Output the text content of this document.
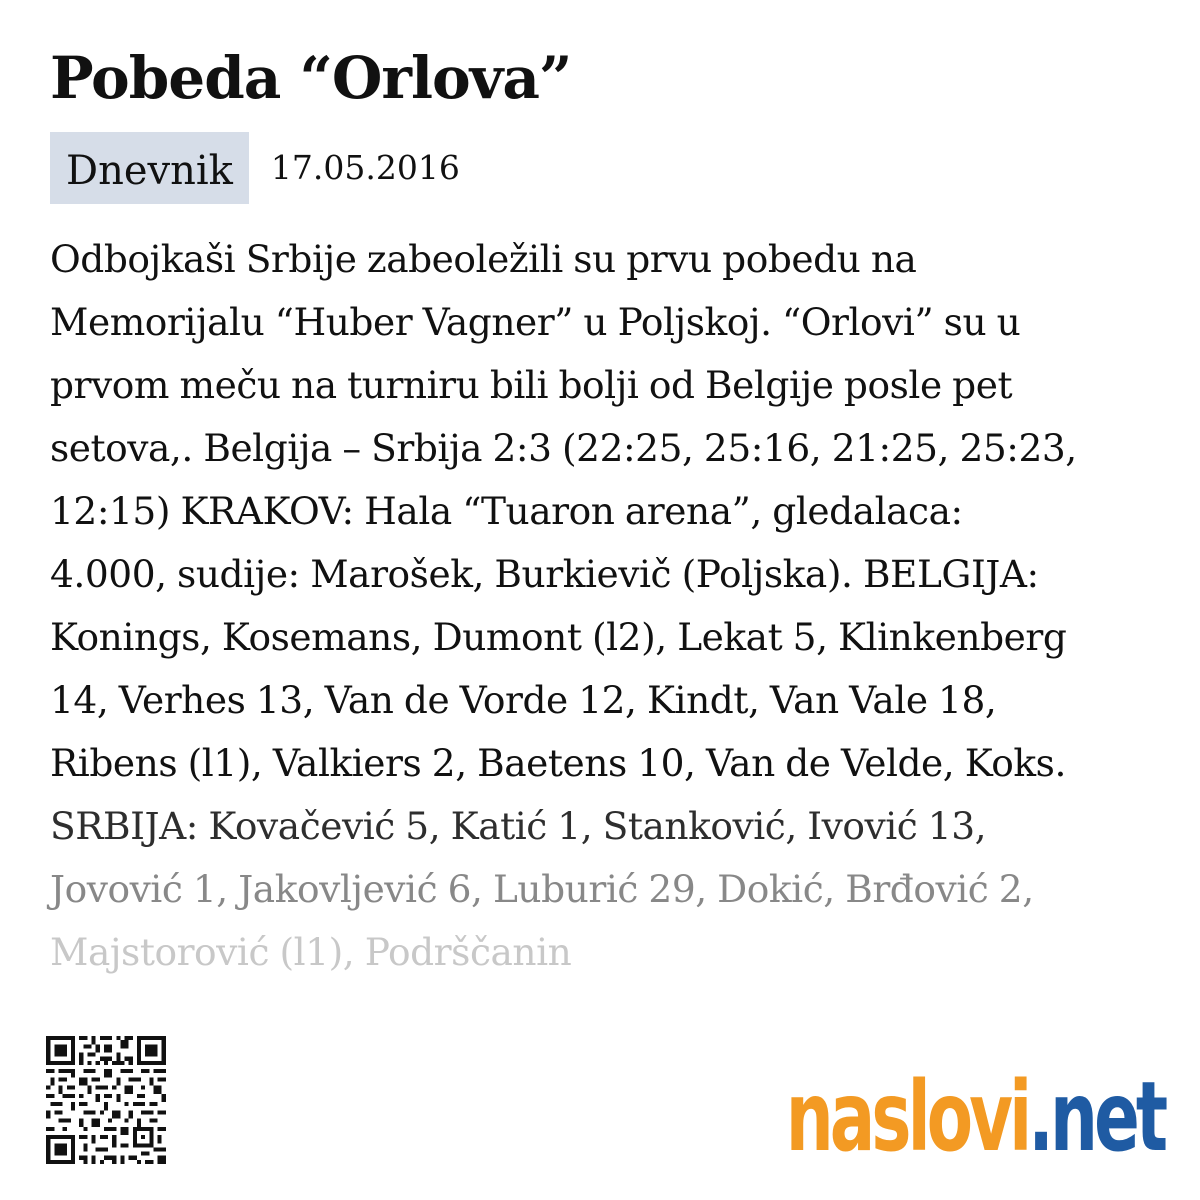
Pobeda “Orlova”
Dnevnik	17.05.2016
Odbojkaši Srbije zabeoležili su prvu pobedu na
Memorijalu “Huber Vagner” u Poljskoj. “Orlovi” su u
prvom meču na turniru bili bolji od Belgije posle pet
setova,. Belgija – Srbija 2:3 (22:25, 25:16, 21:25, 25:23,
12:15) KRAKOV: Hala “Tuaron arena”, gledalaca:
4.000, sudije: Marošek, Burkievič (Poljska). BELGIJA:
Konings, Kosemans, Dumont (l2), Lekat 5, Klinkenberg
14, Verhes 13, Van de Vorde 12, Kindt, Van Vale 18,
Ribens (l1), Valkiers 2, Baetens 10, Van de Velde, Koks.
SRBIJA: Kovačević 5, Katić 1, Stanković, Ivović 13,
Jovović 1, Jakovljević 6, Luburić 29, Dokić, Brđović 2,
Majstorović (l1), Podrščanin
naslovi.net
